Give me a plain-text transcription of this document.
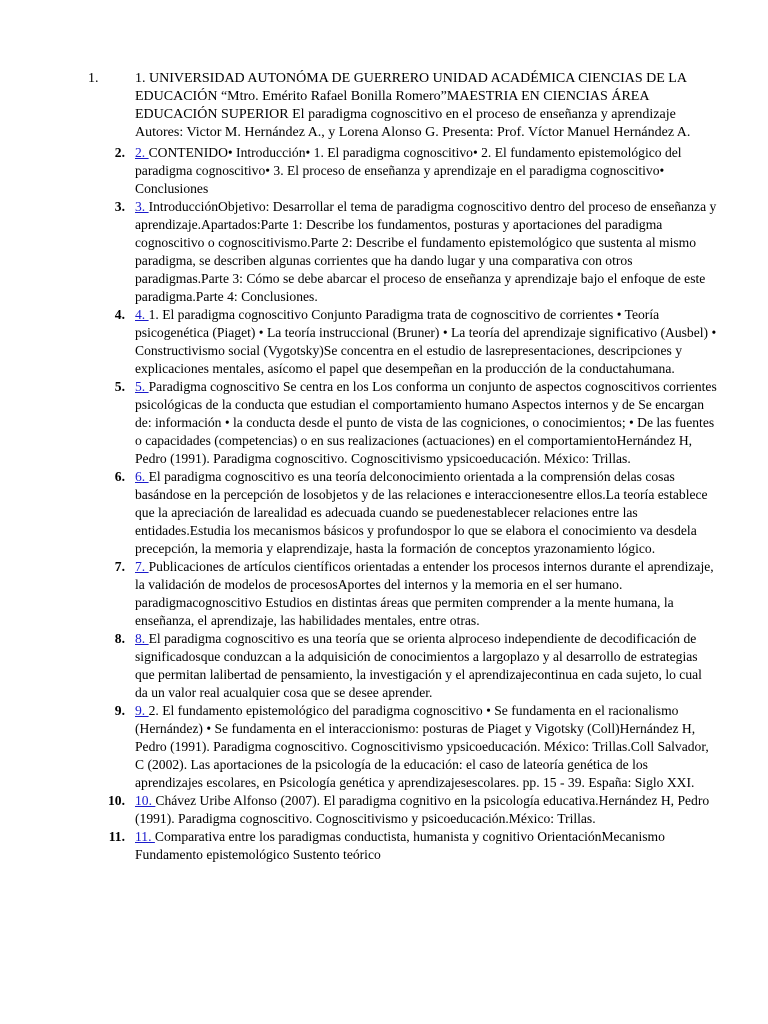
1.	1. UNIVERSIDAD AUTONÓMA DE GUERRERO UNIDAD ACADÉMICA CIENCIAS DE LA EDUCACIÓN “Mtro. Emérito Rafael Bonilla Romero”MAESTRIA EN CIENCIAS ÁREA EDUCACIÓN SUPERIOR El paradigma cognoscitivo en el proceso de enseñanza y aprendizaje Autores: Victor M. Hernández A., y Lorena Alonso G. Presenta: Prof. Víctor Manuel Hernández A.
2. 2. CONTENIDO• Introducción• 1. El paradigma cognoscitivo• 2. El fundamento epistemológico del paradigma cognoscitivo• 3. El proceso de enseñanza y aprendizaje en el paradigma cognoscitivo• Conclusiones
3. 3. IntroducciónObjetivo: Desarrollar el tema de paradigma cognoscitivo dentro del proceso de enseñanza y aprendizaje.Apartados:Parte 1: Describe los fundamentos, posturas y aportaciones del paradigma cognoscitivo o cognoscitivismo.Parte 2: Describe el fundamento epistemológico que sustenta al mismo paradigma, se describen algunas corrientes que ha dando lugar y una comparativa con otros paradigmas.Parte 3: Cómo se debe abarcar el proceso de enseñanza y aprendizaje bajo el enfoque de este paradigma.Parte 4: Conclusiones.
4. 4. 1. El paradigma cognoscitivo Conjunto Paradigma trata de cognoscitivo de corrientes • Teoría psicogenética (Piaget) • La teoría instruccional (Bruner) • La teoría del aprendizaje significativo (Ausbel) • Constructivismo social (Vygotsky)Se concentra en el estudio de lasrepresentaciones, descripciones y explicaciones mentales, asícomo el papel que desempeñan en la producción de la conductahumana.
5. 5. Paradigma cognoscitivo Se centra en los Los conforma un conjunto de aspectos cognoscitivos corrientes psicológicas de la conducta que estudian el comportamiento humano Aspectos internos y de Se encargan de: información • la conducta desde el punto de vista de las cogniciones, o conocimientos; • De las fuentes o capacidades (competencias) o en sus realizaciones (actuaciones) en el comportamientoHernández H, Pedro (1991). Paradigma cognoscitivo. Cognoscitivismo ypsicoeducación. México: Trillas.
6. 6. El paradigma cognoscitivo es una teoría delconocimiento orientada a la comprensión delas cosas basándose en la percepción de losobjetos y de las relaciones e interaccionesentre ellos.La teoría establece que la apreciación de larealidad es adecuada cuando se puedenestablecer relaciones entre las entidades.Estudia los mecanismos básicos y profundospor lo que se elabora el conocimiento va desdela precepción, la memoria y elaprendizaje, hasta la formación de conceptos yrazonamiento lógico.
7. 7. Publicaciones de artículos científicos orientadas a entender los procesos internos durante el aprendizaje, la validación de modelos de procesosAportes del internos y la memoria en el ser humano. paradigmacognoscitivo Estudios en distintas áreas que permiten comprender a la mente humana, la enseñanza, el aprendizaje, las habilidades mentales, entre otras.
8. 8. El paradigma cognoscitivo es una teoría que se orienta alproceso independiente de decodificación de significadosque conduzcan a la adquisición de conocimientos a largoplazo y al desarrollo de estrategias que permitan lalibertad de pensamiento, la investigación y el aprendizajecontinua en cada sujeto, lo cual da un valor real acualquier cosa que se desee aprender.
9. 9. 2. El fundamento epistemológico del paradigma cognoscitivo • Se fundamenta en el racionalismo (Hernández) • Se fundamenta en el interaccionismo: posturas de Piaget y Vigotsky (Coll)Hernández H, Pedro (1991). Paradigma cognoscitivo. Cognoscitivismo ypsicoeducación. México: Trillas.Coll Salvador, C (2002). Las aportaciones de la psicología de la educación: el caso de lateoría genética de los aprendizajes escolares, en Psicología genética y aprendizajesescolares. pp. 15 - 39. España: Siglo XXI.
10. 10. Chávez Uribe Alfonso (2007). El paradigma cognitivo en la psicología educativa.Hernández H, Pedro (1991). Paradigma cognoscitivo. Cognoscitivismo y psicoeducación.México: Trillas.
11. 11. Comparativa entre los paradigmas conductista, humanista y cognitivo OrientaciónMecanismo Fundamento epistemológico Sustento teórico
